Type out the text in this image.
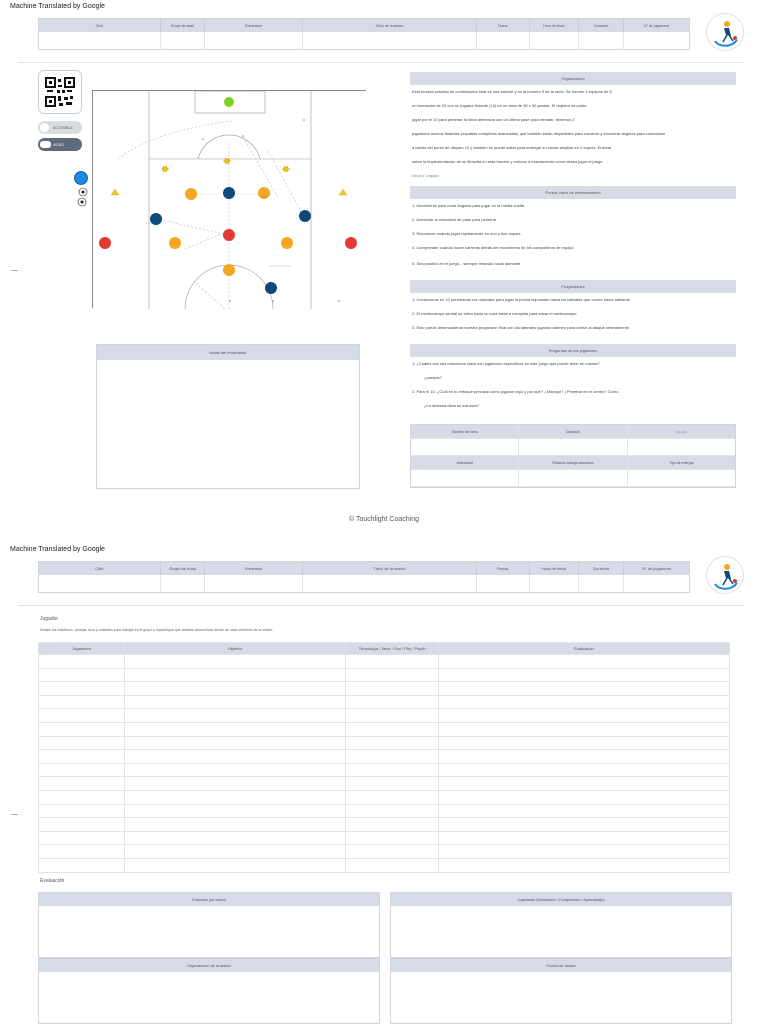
Machine Translated by Google
Club	Grupo de edad	Entrenador	Título de la sesión	Fecha	Hora de inicio	Duración	N° de jugadores
ACCESIBLE
VIDEO
Notas del entrenador
Organización
Esta tercera práctica de combinación final es una función y es la número 9 de la serie. Se forman 2 equipos de 5
en formación de 23 con un jugador flotante (10) en un área de 30 x 30 yardas. El objetivo es poder
jugar por el 10 para penetrar la línea defensiva con un último pase para rematar, tenemos 2
jugadores anchos flotantes (españas completas avanzadas) que también están disponibles para construir y encontrar ángulos para conectarse
a través del punto de disparo 10 y también se puede saltar para entregar en zonas amplias en 2 toques. Enfocar
sobre la implementación de su filosofía en esta función y enfocar a exactamente cómo desea jugar el juego
Cerca o 1 equipo
Puntos clave de entrenamiento
1. Movimiento para crear ángulos para jugar en la media vuelta
2. Aumentar la velocidad de pase para penetrar
3. Reconocer cuándo jugar rápidamente en uno y dos toques
4. Comprender cuándo hacer carreras detrás del movimiento de los compañeros de equipo
5. Sea positivo en el juego... siempre mirando hacia adelante
Progresiones
1. Conducimos en 10 penetrando los marcajes para jugar la pelota impulsado hacia los laterales que corren hacia adelante
2. El mediocampo central se retira hacia la zona trasera completa para sacar el mediocampo
3. Esto puede desencadenar nuestra progresión final con los laterales jugando adentro para unirse al ataque centralmente.
Preguntas de los jugadores
1. ¿Cuáles son sus relaciones clave con jugadores específicos en este juego que puede tener en cuenta?
¿parejas?
2. Para el 10: ¿Cuál es tu enfoque principal como jugador aquí y por qué? ¿Manejar? ¿Penetrar en el centro? Cómo
¿La defensa dicta su solución?
Tamaño del área	Duración	Equipo
Intensidad	Relación trabajo:descanso	Tipo de energía
© Touchlight Coaching
Machine Translated by Google
Club	Grupo de edad	Entrenador	Título de la sesión	Fecha	Hora de inicio	Duración	N° de jugadores
Jugador
Detalle los individuos, parejas, tríos y unidades para trabajar en el grupo y especifique qué detalles desarrollará dentro de cada elemento de la sesión.
Jugadores	Objetivo	Tecnología / Tacto / Soc / Phy / Psych	Evaluación

Evaluación
Evaluación (por sesión)	Jugadores (Motivación / Compromiso / Aprendizaje)
Organización de la sesión	Puntos de sesión
